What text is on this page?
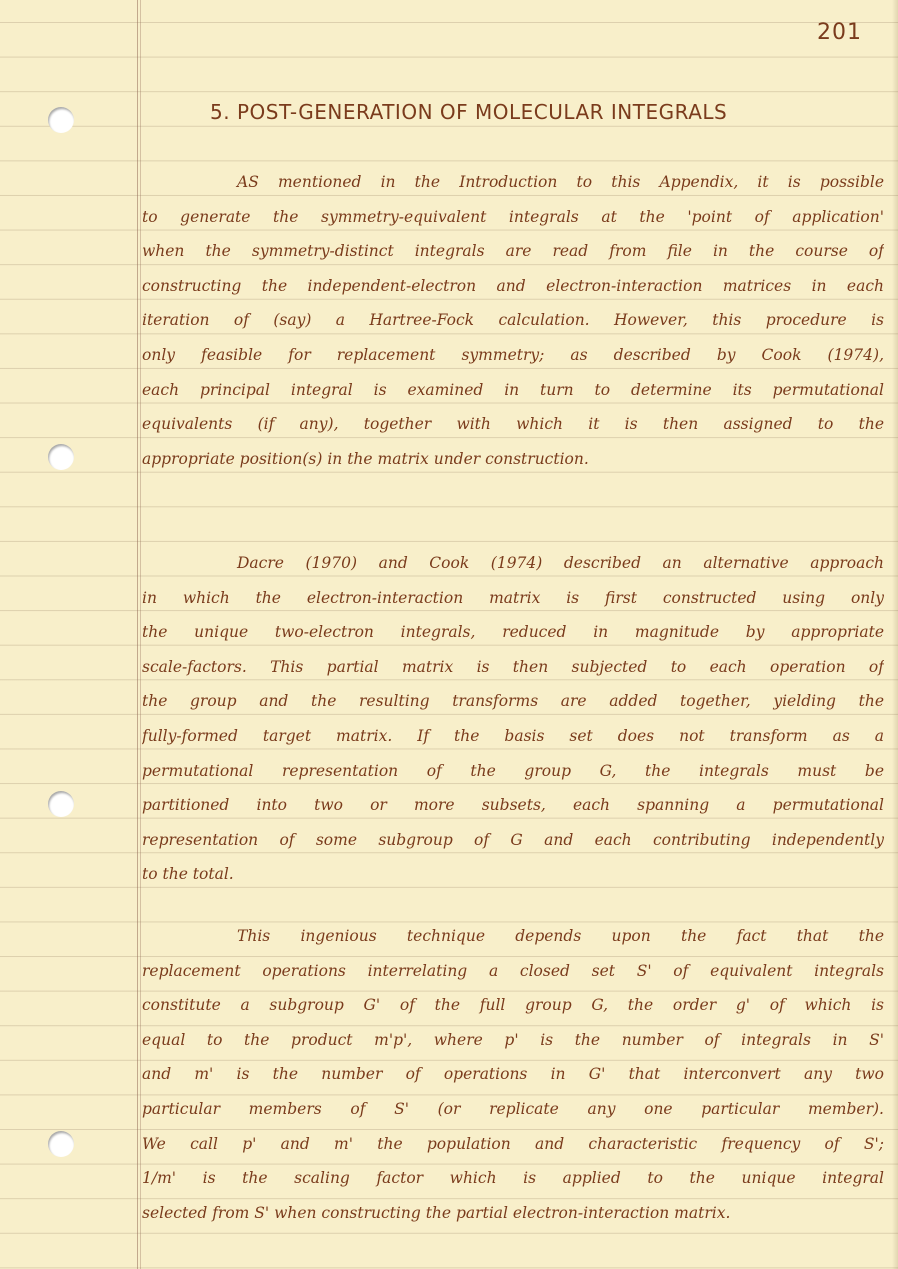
201
5. POST-GENERATION OF MOLECULAR INTEGRALS
AS mentioned in the Introduction to this Appendix, it is possible
to generate the symmetry-equivalent integrals at the 'point of application'
when the symmetry-distinct integrals are read from file in the course of
constructing the independent-electron and electron-interaction matrices in each
iteration of (say) a Hartree-Fock calculation. However, this procedure is
only feasible for replacement symmetry; as described by Cook (1974),
each principal integral is examined in turn to determine its permutational
equivalents (if any), together with which it is then assigned to the
appropriate position(s) in the matrix under construction.
Dacre (1970) and Cook (1974) described an alternative approach
in which the electron-interaction matrix is first constructed using only
the unique two-electron integrals, reduced in magnitude by appropriate
scale-factors. This partial matrix is then subjected to each operation of
the group and the resulting transforms are added together, yielding the
fully-formed target matrix. If the basis set does not transform as a
permutational representation of the group G, the integrals must be
partitioned into two or more subsets, each spanning a permutational
representation of some subgroup of G and each contributing independently
to the total.
This ingenious technique depends upon the fact that the
replacement operations interrelating a closed set S' of equivalent integrals
constitute a subgroup G' of the full group G, the order g' of which is
equal to the product m'p', where p' is the number of integrals in S'
and m' is the number of operations in G' that interconvert any two
particular members of S' (or replicate any one particular member).
We call p' and m' the population and characteristic frequency of S';
1/m' is the scaling factor which is applied to the unique integral
selected from S' when constructing the partial electron-interaction matrix.
